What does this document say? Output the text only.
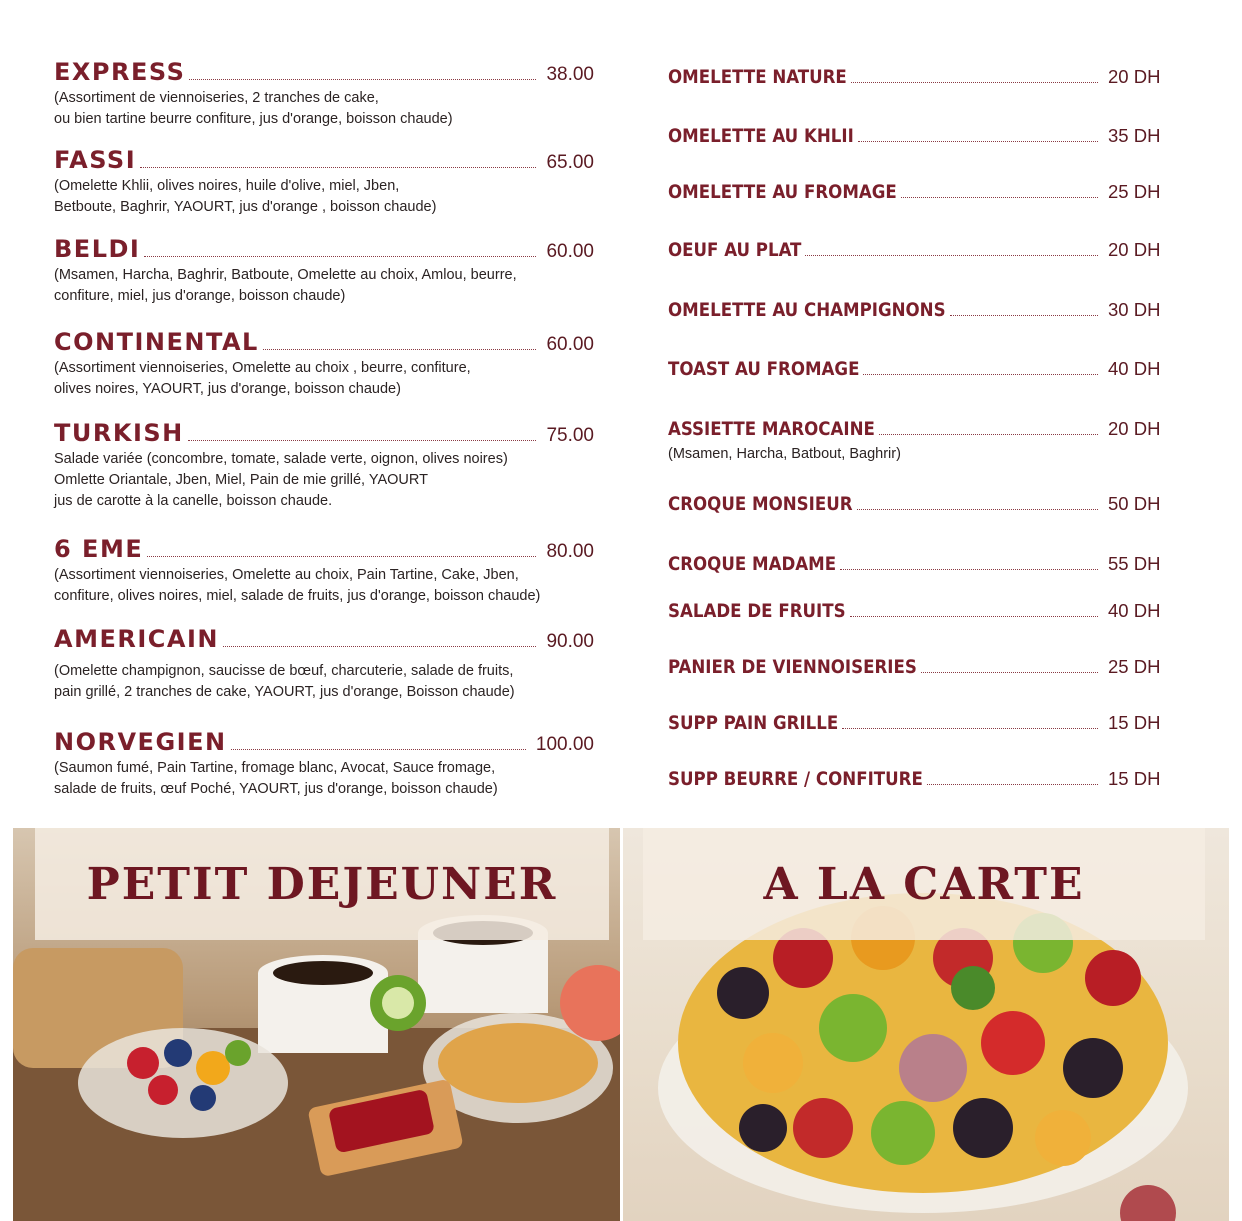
EXPRESS	38.00
(Assortiment de viennoiseries, 2 tranches de cake,
ou bien tartine beurre confiture, jus d'orange, boisson chaude)
FASSI	65.00
(Omelette Khlii, olives noires, huile d'olive, miel, Jben,
Betboute, Baghrir, YAOURT, jus d'orange , boisson chaude)
BELDI	60.00
(Msamen, Harcha, Baghrir, Batboute, Omelette au choix, Amlou, beurre,
confiture, miel, jus d'orange, boisson chaude)
CONTINENTAL	60.00
(Assortiment viennoiseries, Omelette au choix , beurre, confiture,
olives noires, YAOURT, jus d'orange, boisson chaude)
TURKISH	75.00
Salade variée (concombre, tomate, salade verte, oignon, olives noires)
Omlette Oriantale, Jben, Miel, Pain de mie grillé, YAOURT
jus de carotte à la canelle, boisson chaude.
6 EME	80.00
(Assortiment viennoiseries, Omelette au choix, Pain Tartine, Cake, Jben,
confiture, olives noires, miel, salade de fruits, jus d'orange, boisson chaude)
AMERICAIN	90.00
(Omelette champignon, saucisse de bœuf, charcuterie, salade de fruits,
pain grillé, 2 tranches de cake, YAOURT, jus d'orange, Boisson chaude)
NORVEGIEN	100.00
(Saumon fumé, Pain Tartine, fromage blanc, Avocat, Sauce fromage,
salade de fruits, œuf Poché, YAOURT, jus d'orange, boisson chaude)
OMELETTE NATURE	20 DH
OMELETTE AU KHLII	35 DH
OMELETTE AU FROMAGE	25 DH
OEUF AU PLAT	20 DH
OMELETTE AU CHAMPIGNONS	30 DH
TOAST AU FROMAGE	40 DH
ASSIETTE MAROCAINE	20 DH
(Msamen, Harcha, Batbout, Baghrir)
CROQUE MONSIEUR	50 DH
CROQUE MADAME	55 DH
SALADE DE FRUITS	40 DH
PANIER DE VIENNOISERIES	25 DH
SUPP PAIN GRILLE	15 DH
SUPP BEURRE / CONFITURE	15 DH
PETIT DEJEUNER	A LA CARTE
